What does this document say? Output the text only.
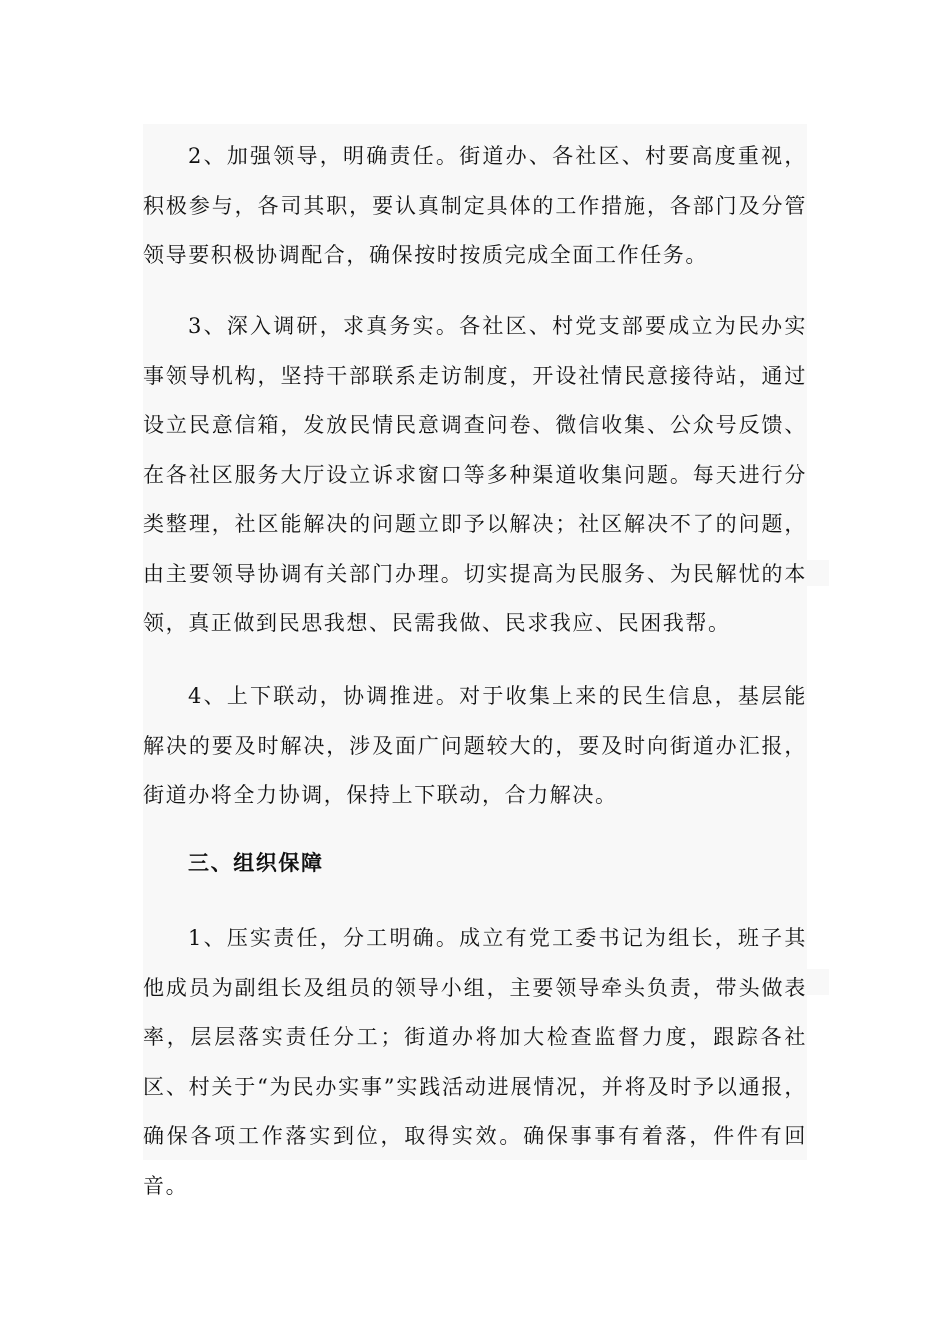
2、加强领导，明确责任。街道办、各社区、村要高度重视，积极参与，各司其职，要认真制定具体的工作措施，各部门及分管领导要积极协调配合，确保按时按质完成全面工作任务。

3、深入调研，求真务实。各社区、村党支部要成立为民办实事领导机构，坚持干部联系走访制度，开设社情民意接待站，通过设立民意信箱，发放民情民意调查问卷、微信收集、公众号反馈、在各社区服务大厅设立诉求窗口等多种渠道收集问题。每天进行分类整理，社区能解决的问题立即予以解决；社区解决不了的问题，由主要领导协调有关部门办理。切实提高为民服务、为民解忧的本领，真正做到民思我想、民需我做、民求我应、民困我帮。

4、上下联动，协调推进。对于收集上来的民生信息，基层能解决的要及时解决，涉及面广问题较大的，要及时向街道办汇报，街道办将全力协调，保持上下联动，合力解决。

三、组织保障

1、压实责任，分工明确。成立有党工委书记为组长，班子其他成员为副组长及组员的领导小组，主要领导牵头负责，带头做表率，层层落实责任分工；街道办将加大检查监督力度，跟踪各社区、村关于“为民办实事”实践活动进展情况，并将及时予以通报，确保各项工作落实到位，取得实效。确保事事有着落，件件有回音。
